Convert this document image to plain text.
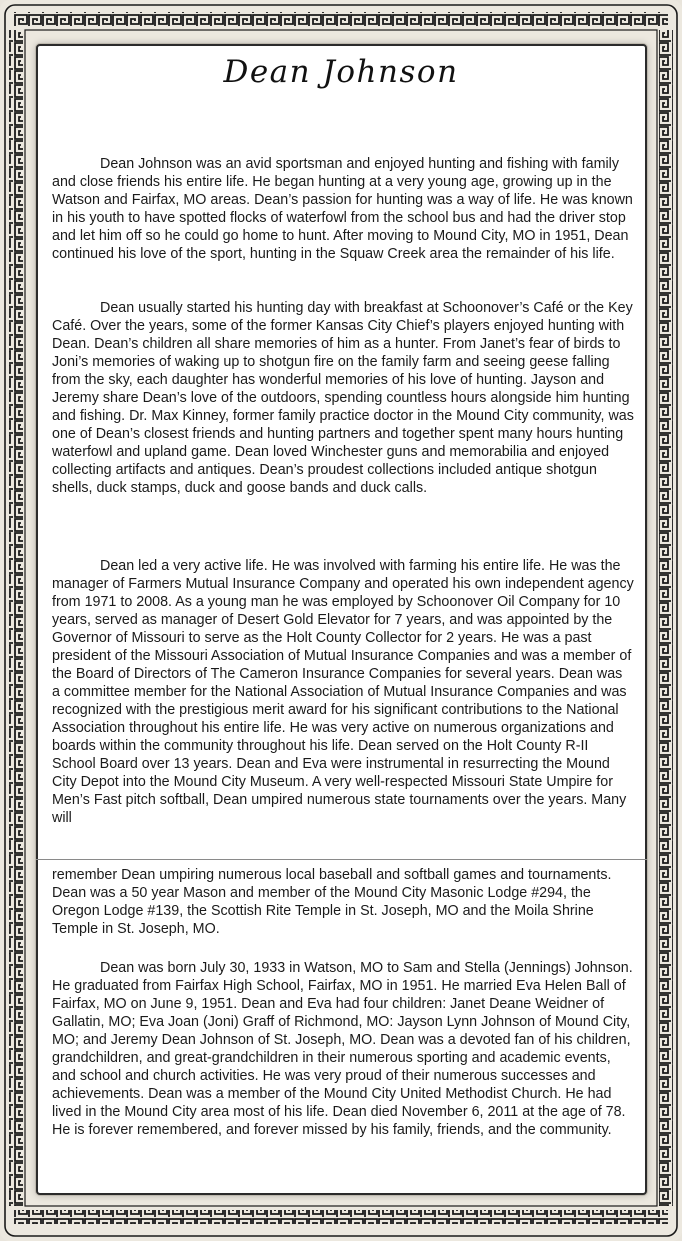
Dean Johnson

Dean Johnson was an avid sportsman and enjoyed hunting and fishing with family and close friends his entire life. He began hunting at a very young age, growing up in the Watson and Fairfax, MO areas. Dean’s passion for hunting was a way of life. He was known in his youth to have spotted flocks of waterfowl from the school bus and had the driver stop and let him off so he could go home to hunt. After moving to Mound City, MO in 1951, Dean continued his love of the sport, hunting in the Squaw Creek area the remainder of his life.

Dean usually started his hunting day with breakfast at Schoonover’s Café or the Key Café. Over the years, some of the former Kansas City Chief’s players enjoyed hunting with Dean. Dean’s children all share memories of him as a hunter. From Janet’s fear of birds to Joni’s memories of waking up to shotgun fire on the family farm and seeing geese falling from the sky, each daughter has wonderful memories of his love of hunting. Jayson and Jeremy share Dean’s love of the outdoors, spending countless hours alongside him hunting and fishing. Dr. Max Kinney, former family practice doctor in the Mound City community, was one of Dean’s closest friends and hunting partners and together spent many hours hunting waterfowl and upland game. Dean loved Winchester guns and memorabilia and enjoyed collecting artifacts and antiques. Dean’s proudest collections included antique shotgun shells, duck stamps, duck and goose bands and duck calls.

Dean led a very active life. He was involved with farming his entire life. He was the manager of Farmers Mutual Insurance Company and operated his own independent agency from 1971 to 2008. As a young man he was employed by Schoonover Oil Company for 10 years, served as manager of Desert Gold Elevator for 7 years, and was appointed by the Governor of Missouri to serve as the Holt County Collector for 2 years. He was a past president of the Missouri Association of Mutual Insurance Companies and was a member of the Board of Directors of The Cameron Insurance Companies for several years. Dean was a committee member for the National Association of Mutual Insurance Companies and was recognized with the prestigious merit award for his significant contributions to the National Association throughout his entire life. He was very active on numerous organizations and boards within the community throughout his life. Dean served on the Holt County R-II School Board over 13 years. Dean and Eva were instrumental in resurrecting the Mound City Depot into the Mound City Museum. A very well-respected Missouri State Umpire for Men’s Fast pitch softball, Dean umpired numerous state tournaments over the years. Many will

remember Dean umpiring numerous local baseball and softball games and tournaments. Dean was a 50 year Mason and member of the Mound City Masonic Lodge #294, the Oregon Lodge #139, the Scottish Rite Temple in St. Joseph, MO and the Moila Shrine Temple in St. Joseph, MO.

Dean was born July 30, 1933 in Watson, MO to Sam and Stella (Jennings) Johnson. He graduated from Fairfax High School, Fairfax, MO in 1951. He married Eva Helen Ball of Fairfax, MO on June 9, 1951. Dean and Eva had four children: Janet Deane Weidner of Gallatin, MO; Eva Joan (Joni) Graff of Richmond, MO: Jayson Lynn Johnson of Mound City, MO; and Jeremy Dean Johnson of St. Joseph, MO. Dean was a devoted fan of his children, grandchildren, and great-grandchildren in their numerous sporting and academic events, and school and church activities. He was very proud of their numerous successes and achievements. Dean was a member of the Mound City United Methodist Church. He had lived in the Mound City area most of his life. Dean died November 6, 2011 at the age of 78. He is forever remembered, and forever missed by his family, friends, and the community.
